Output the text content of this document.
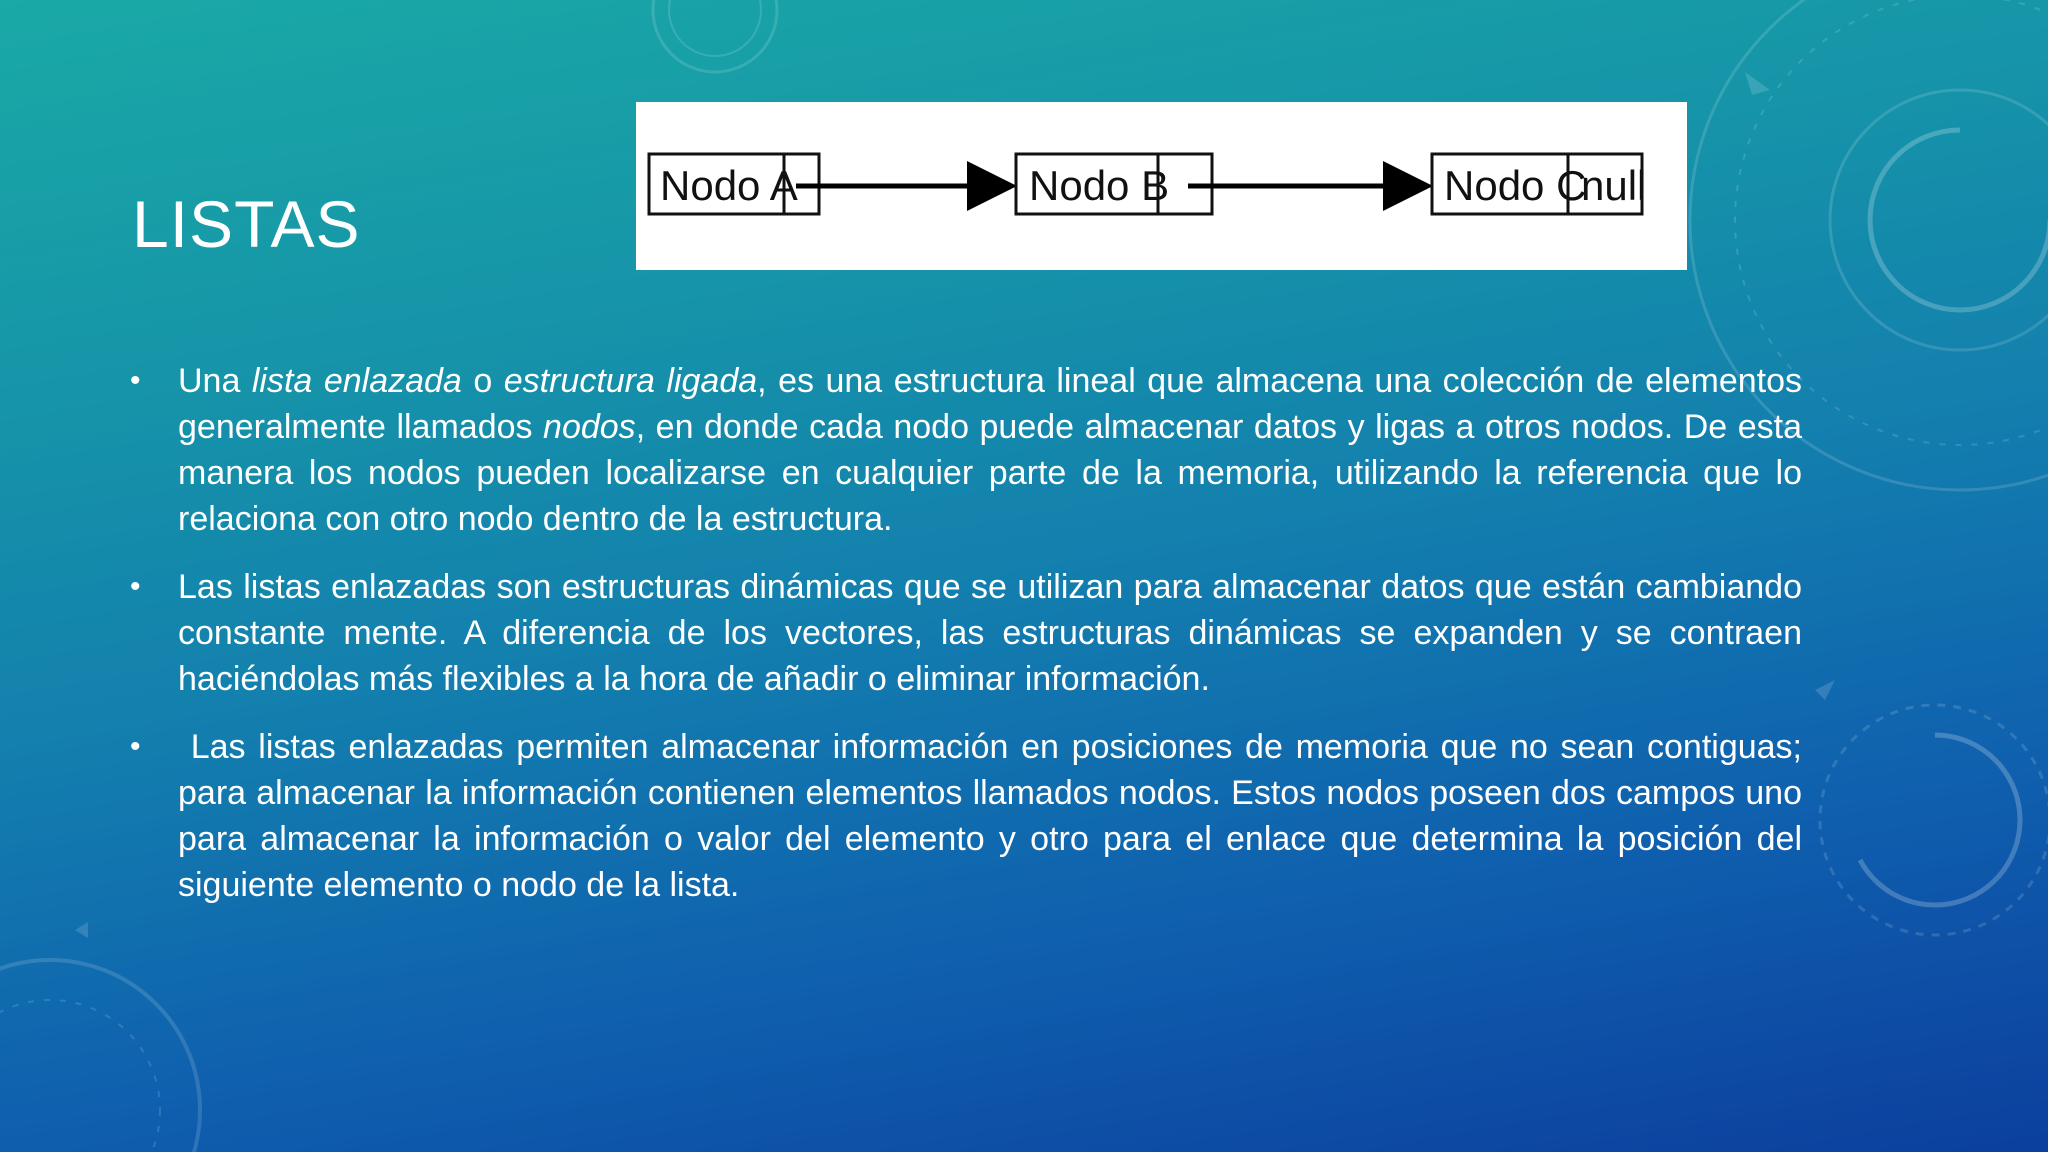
LISTAS
Nodo A	Nodo B	Nodo C
null
• Una lista enlazada o estructura ligada, es una estructura lineal que almacena una colección de elementos generalmente llamados nodos, en donde cada nodo puede almacenar datos y ligas a otros nodos. De esta manera los nodos pueden localizarse en cualquier parte de la memoria, utilizando la referencia que lo relaciona con otro nodo dentro de la estructura.
• Las listas enlazadas son estructuras dinámicas que se utilizan para almacenar datos que están cambiando constante mente. A diferencia de los vectores, las estructuras dinámicas se expanden y se contraen haciéndolas más flexibles a la hora de añadir o eliminar información.
• Las listas enlazadas permiten almacenar información en posiciones de memoria que no sean contiguas; para almacenar la información contienen elementos llamados nodos. Estos nodos poseen dos campos uno para almacenar la información o valor del elemento y otro para el enlace que determina la posición del siguiente elemento o nodo de la lista.
